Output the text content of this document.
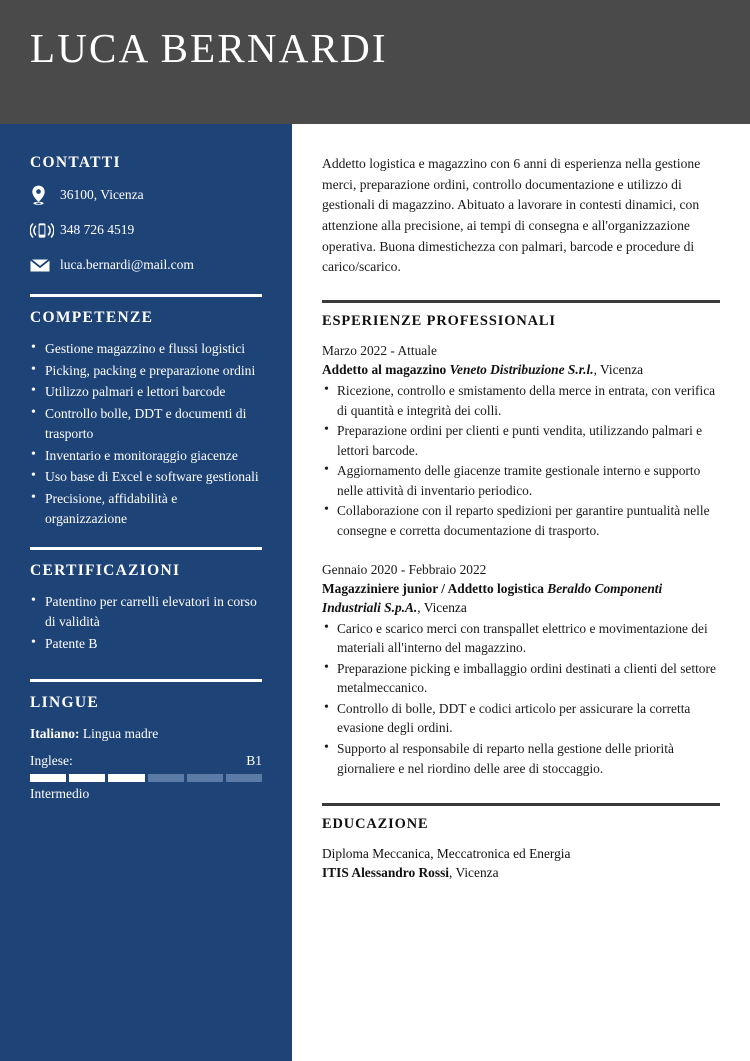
LUCA BERNARDI
CONTATTI
36100, Vicenza
348 726 4519
luca.bernardi@mail.com
COMPETENZE
• Gestione magazzino e flussi logistici
• Picking, packing e preparazione ordini
• Utilizzo palmari e lettori barcode
• Controllo bolle, DDT e documenti di trasporto
• Inventario e monitoraggio giacenze
• Uso base di Excel e software gestionali
• Precisione, affidabilità e organizzazione
CERTIFICAZIONI
• Patentino per carrelli elevatori in corso di validità
• Patente B
LINGUE
Italiano: Lingua madre
Inglese:	B1
Intermedio

Addetto logistica e magazzino con 6 anni di esperienza nella gestione merci, preparazione ordini, controllo documentazione e utilizzo di gestionali di magazzino. Abituato a lavorare in contesti dinamici, con attenzione alla precisione, ai tempi di consegna e all'organizzazione operativa. Buona dimestichezza con palmari, barcode e procedure di carico/scarico.

ESPERIENZE PROFESSIONALI
Marzo 2022 - Attuale
Addetto al magazzino Veneto Distribuzione S.r.l., Vicenza
• Ricezione, controllo e smistamento della merce in entrata, con verifica di quantità e integrità dei colli.
• Preparazione ordini per clienti e punti vendita, utilizzando palmari e lettori barcode.
• Aggiornamento delle giacenze tramite gestionale interno e supporto nelle attività di inventario periodico.
• Collaborazione con il reparto spedizioni per garantire puntualità nelle consegne e corretta documentazione di trasporto.
Gennaio 2020 - Febbraio 2022
Magazziniere junior / Addetto logistica Beraldo Componenti Industriali S.p.A., Vicenza
• Carico e scarico merci con transpallet elettrico e movimentazione dei materiali all'interno del magazzino.
• Preparazione picking e imballaggio ordini destinati a clienti del settore metalmeccanico.
• Controllo di bolle, DDT e codici articolo per assicurare la corretta evasione degli ordini.
• Supporto al responsabile di reparto nella gestione delle priorità giornaliere e nel riordino delle aree di stoccaggio.
EDUCAZIONE
Diploma Meccanica, Meccatronica ed Energia
ITIS Alessandro Rossi, Vicenza
